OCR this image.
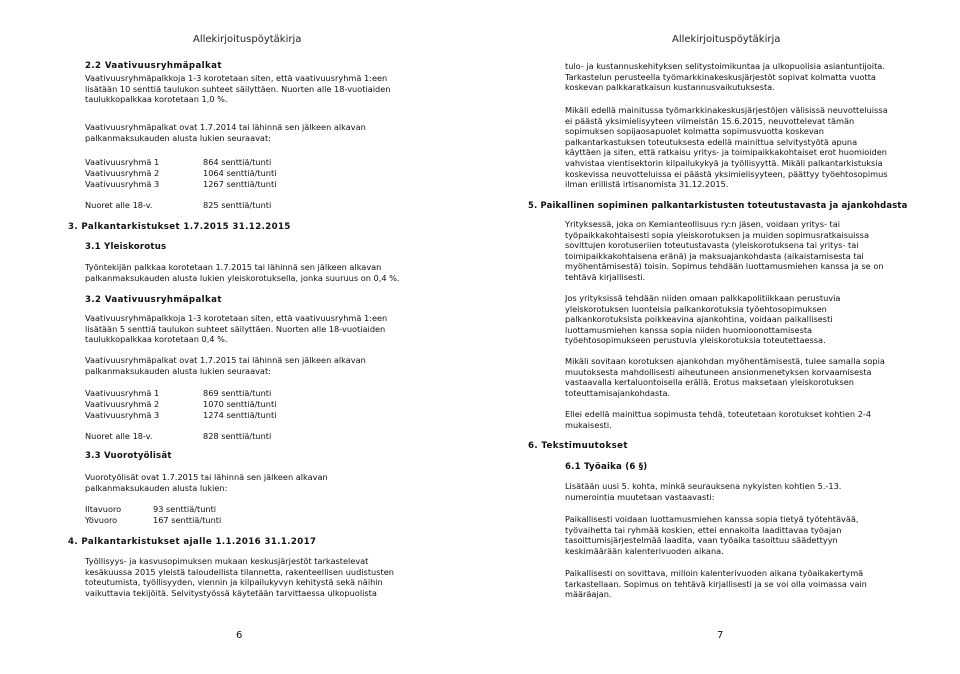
Allekirjoituspöytäkirja
2.2 Vaativuusryhmäpalkat
Vaativuusryhmäpalkkoja 1-3 korotetaan siten, että vaativuusryhmä 1:een
lisätään 10 senttiä taulukon suhteet säilyttäen. Nuorten alle 18-vuotiaiden
taulukkopalkkaa korotetaan 1,0 %.
Vaativuusryhmäpalkat ovat 1.7.2014 tai lähinnä sen jälkeen alkavan
palkanmaksukauden alusta lukien seuraavat:
Vaativuusryhmä 1	864 senttiä/tunti
Vaativuusryhmä 2	1064 senttiä/tunti
Vaativuusryhmä 3	1267 senttiä/tunti
Nuoret alle 18-v.	825 senttiä/tunti
3. Palkantarkistukset 1.7.2015 31.12.2015
3.1 Yleiskorotus
Työntekijän palkkaa korotetaan 1.7.2015 tai lähinnä sen jälkeen alkavan
palkanmaksukauden alusta lukien yleiskorotuksella, jonka suuruus on 0,4 %.
3.2 Vaativuusryhmäpalkat
Vaativuusryhmäpalkkoja 1-3 korotetaan siten, että vaativuusryhmä 1:een
lisätään 5 senttiä taulukon suhteet säilyttäen. Nuorten alle 18-vuotiaiden
taulukkopalkkaa korotetaan 0,4 %.
Vaativuusryhmäpalkat ovat 1.7.2015 tai lähinnä sen jälkeen alkavan
palkanmaksukauden alusta lukien seuraavat:
Vaativuusryhmä 1	869 senttiä/tunti
Vaativuusryhmä 2	1070 senttiä/tunti
Vaativuusryhmä 3	1274 senttiä/tunti
Nuoret alle 18-v.	828 senttiä/tunti
3.3 Vuorotyölisät
Vuorotyölisät ovat 1.7.2015 tai lähinnä sen jälkeen alkavan
palkanmaksukauden alusta lukien:
Iltavuoro	93 senttiä/tunti
Yövuoro	167 senttiä/tunti
4. Palkantarkistukset ajalle 1.1.2016 31.1.2017
Työllisyys- ja kasvusopimuksen mukaan keskusjärjestöt tarkastelevat
kesäkuussa 2015 yleistä taloudellista tilannetta, rakenteellisen uudistusten
toteutumista, työllisyyden, viennin ja kilpailukyvyn kehitystä sekä näihin
vaikuttavia tekijöitä. Selvitystyössä käytetään tarvittaessa ulkopuolista
6
Allekirjoituspöytäkirja
tulo- ja kustannuskehityksen selitystoimikuntaa ja ulkopuolisia asiantuntijoita.
Tarkastelun perusteella työmarkkinakeskusjärjestöt sopivat kolmatta vuotta
koskevan palkkaratkaisun kustannusvaikutuksesta.
Mikäli edellä mainitussa työmarkkinakeskusjärjestöjen välisissä neuvotteluissa
ei päästä yksimielisyyteen viimeistän 15.6.2015, neuvottelevat tämän
sopimuksen sopijaosapuolet kolmatta sopimusvuotta koskevan
palkantarkastuksen toteutuksesta edellä mainittua selvitystyötä apuna
käyttäen ja siten, että ratkaisu yritys- ja toimipaikkakohtaiset erot huomioiden
vahvistaa vientisektorin kilpailukykyä ja työllisyyttä. Mikäli palkantarkistuksia
koskevissa neuvotteluissa ei päästä yksimielisyyteen, päättyy työehtosopimus
ilman erillistä irtisanomista 31.12.2015.
5. Paikallinen sopiminen palkantarkistusten toteutustavasta ja ajankohdasta
Yrityksessä, joka on Kemianteollisuus ry:n jäsen, voidaan yritys- tai
työpaikkakohtaisesti sopia yleiskorotuksen ja muiden sopimusratkaisuissa
sovittujen korotuseriien toteutustavasta (yleiskorotuksena tai yritys- tai
toimipaikkakohtaisena eränä) ja maksuajankohdasta (aikaistamisesta tai
myöhentämisestä) toisin. Sopimus tehdään luottamusmiehen kanssa ja se on
tehtävä kirjallisesti.
Jos yrityksissä tehdään niiden omaan palkkapolitiikkaan perustuvia
yleiskorotuksen luonteisia palkankorotuksia työehtosopimuksen
palkankorotuksista poikkeavina ajankohtina, voidaan paikallisesti
luottamusmiehen kanssa sopia niiden huomioonottamisesta
työehtosopimukseen perustuvia yleiskorotuksia toteutettaessa.
Mikäli sovitaan korotuksen ajankohdan myöhentämisestä, tulee samalla sopia
muutoksesta mahdollisesti aiheutuneen ansionmenetyksen korvaamisesta
vastaavalla kertaluontoisella erällä. Erotus maksetaan yleiskorotuksen
toteuttamisajankohdasta.
Ellei edellä mainittua sopimusta tehdä, toteutetaan korotukset kohtien 2-4
mukaisesti.
6. Tekstimuutokset
6.1 Työaika (6 §)
Lisätään uusi 5. kohta, minkä seurauksena nykyisten kohtien 5.-13.
numerointia muutetaan vastaavasti:
Paikallisesti voidaan luottamusmiehen kanssa sopia tietyä työtehtävää,
työvaihetta tai ryhmää koskien, ettei ennakolta laadittavaa työajan
tasoittumisjärjestelmää laadita, vaan työaika tasoittuu säädettyyn
keskimäärään kalenterivuoden aikana.
Paikallisesti on sovittava, milloin kalenterivuoden aikana työaikakertymä
tarkastellaan. Sopimus on tehtävä kirjallisesti ja se voi olla voimassa vain
määräajan.
7
